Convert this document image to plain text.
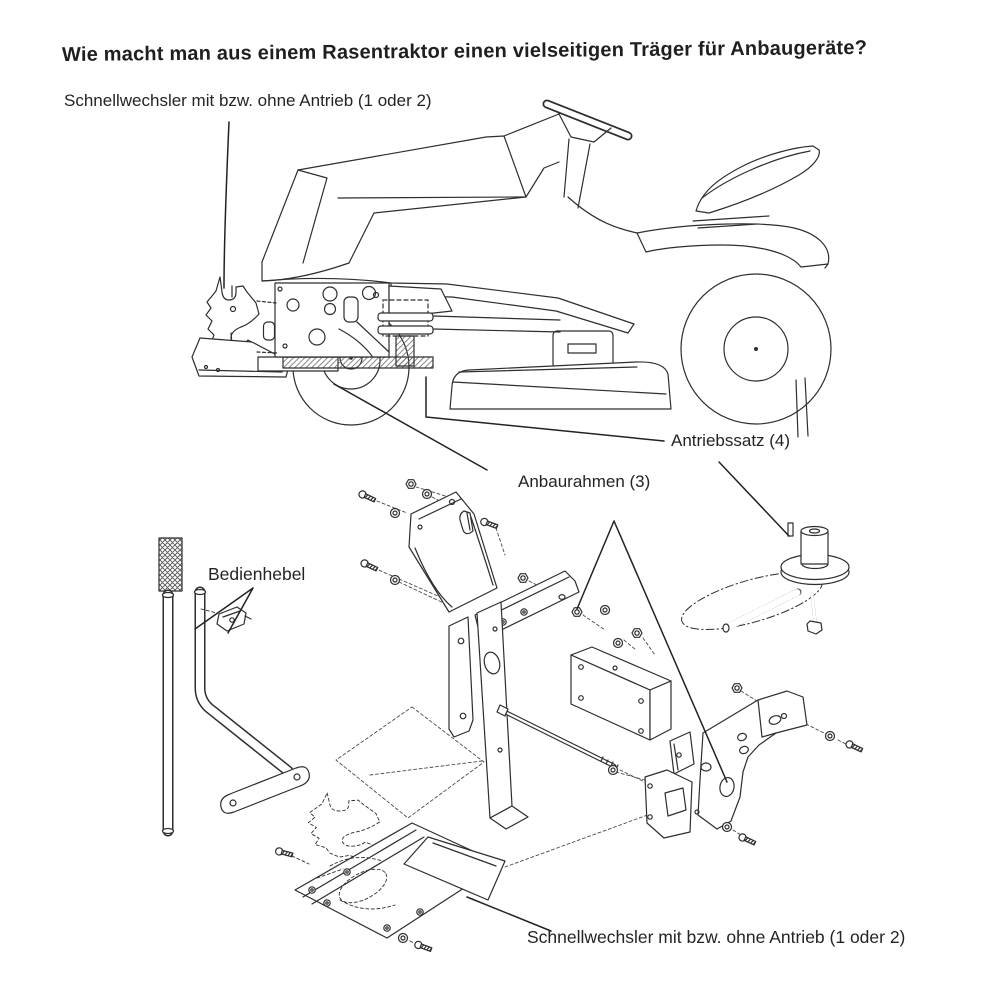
Wie macht man aus einem Rasentraktor einen vielseitigen Träger für Anbaugeräte?
Schnellwechsler mit bzw. ohne Antrieb (1 oder 2)
Antriebssatz (4)
Anbaurahmen (3)
Bedienhebel
Schnellwechsler mit bzw. ohne Antrieb (1 oder 2)
